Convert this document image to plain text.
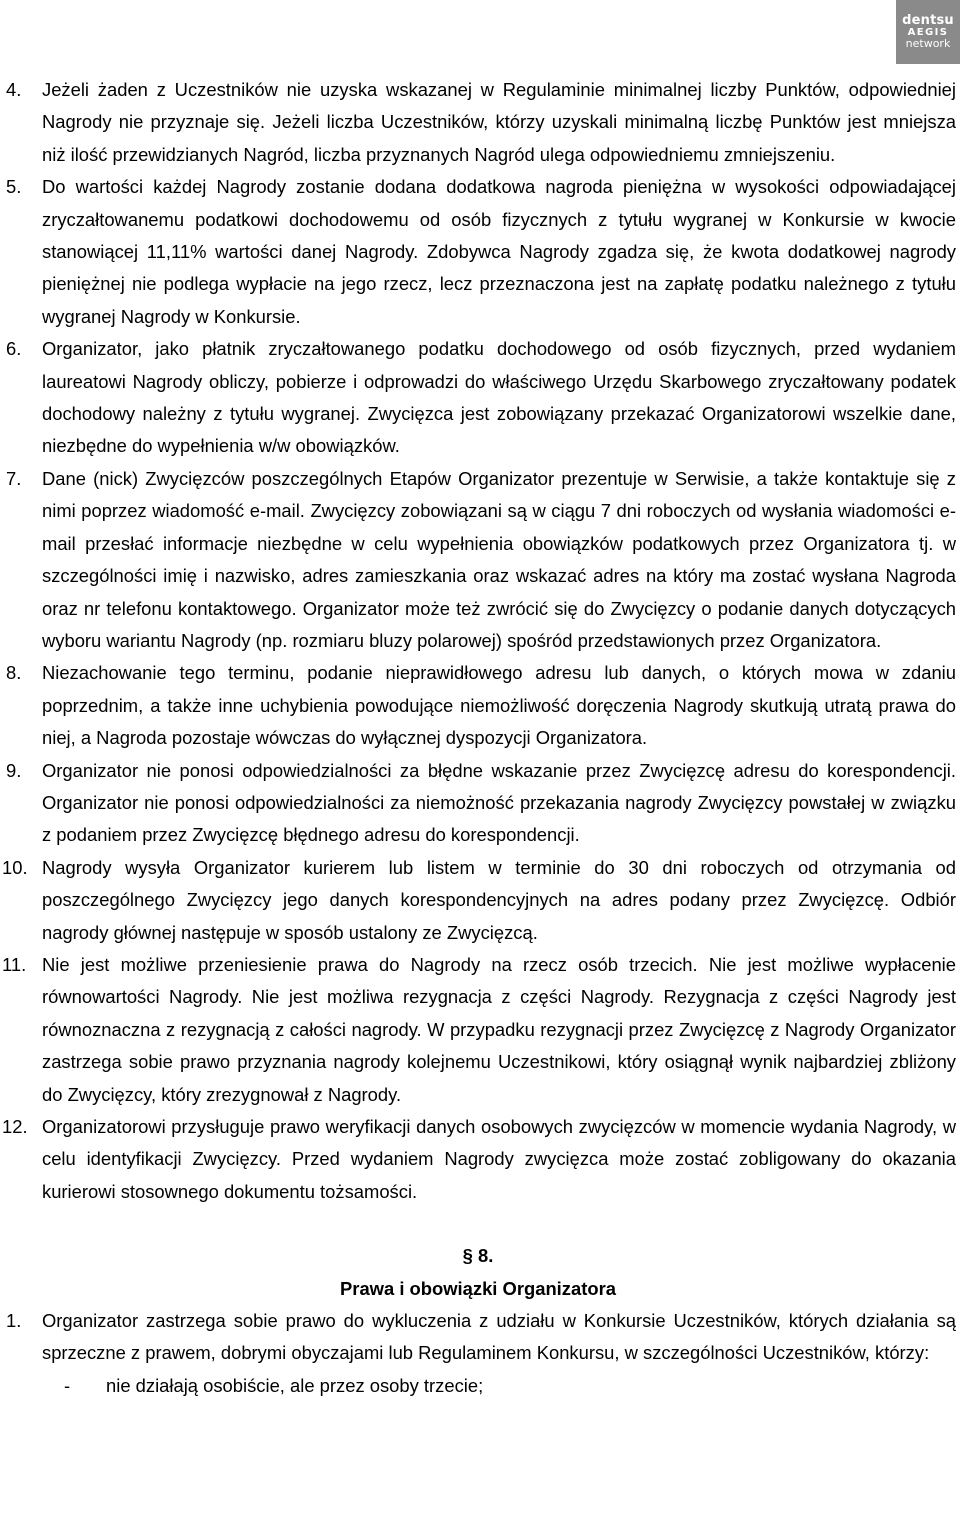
dentsu
AEGIS
network
4.	Jeżeli żaden z Uczestników nie uzyska wskazanej w Regulaminie minimalnej liczby Punktów, odpowiedniej Nagrody nie przyznaje się. Jeżeli liczba Uczestników, którzy uzyskali minimalną liczbę Punktów jest mniejsza niż ilość przewidzianych Nagród, liczba przyznanych Nagród ulega odpowiedniemu zmniejszeniu.
5.	Do wartości każdej Nagrody zostanie dodana dodatkowa nagroda pieniężna w wysokości odpowiadającej zryczałtowanemu podatkowi dochodowemu od osób fizycznych z tytułu wygranej w Konkursie w kwocie stanowiącej 11,11% wartości danej Nagrody. Zdobywca Nagrody zgadza się, że kwota dodatkowej nagrody pieniężnej nie podlega wypłacie na jego rzecz, lecz przeznaczona jest na zapłatę podatku należnego z tytułu wygranej Nagrody w Konkursie.
6.	Organizator, jako płatnik zryczałtowanego podatku dochodowego od osób fizycznych, przed wydaniem laureatowi Nagrody obliczy, pobierze i odprowadzi do właściwego Urzędu Skarbowego zryczałtowany podatek dochodowy należny z tytułu wygranej. Zwycięzca jest zobowiązany przekazać Organizatorowi wszelkie dane, niezbędne do wypełnienia w/w obowiązków.
7.	Dane (nick) Zwycięzców poszczególnych Etapów Organizator prezentuje w Serwisie, a także kontaktuje się z nimi poprzez wiadomość e-mail. Zwycięzcy zobowiązani są w ciągu 7 dni roboczych od wysłania wiadomości e-mail przesłać informacje niezbędne w celu wypełnienia obowiązków podatkowych przez Organizatora tj. w szczególności imię i nazwisko, adres zamieszkania oraz wskazać adres na który ma zostać wysłana Nagroda oraz nr telefonu kontaktowego. Organizator może też zwrócić się do Zwycięzcy o podanie danych dotyczących wyboru wariantu Nagrody (np. rozmiaru bluzy polarowej) spośród przedstawionych przez Organizatora.
8.	Niezachowanie tego terminu, podanie nieprawidłowego adresu lub danych, o których mowa w zdaniu poprzednim, a także inne uchybienia powodujące niemożliwość doręczenia Nagrody skutkują utratą prawa do niej, a Nagroda pozostaje wówczas do wyłącznej dyspozycji Organizatora.
9.	Organizator nie ponosi odpowiedzialności za błędne wskazanie przez Zwycięzcę adresu do korespondencji. Organizator nie ponosi odpowiedzialności za niemożność przekazania nagrody Zwycięzcy powstałej w związku z podaniem przez Zwycięzcę błędnego adresu do korespondencji.
10. Nagrody wysyła Organizator kurierem lub listem w terminie do 30 dni roboczych od otrzymania od poszczególnego Zwycięzcy jego danych korespondencyjnych na adres podany przez Zwycięzcę. Odbiór nagrody głównej następuje w sposób ustalony ze Zwycięzcą.
11. Nie jest możliwe przeniesienie prawa do Nagrody na rzecz osób trzecich. Nie jest możliwe wypłacenie równowartości Nagrody. Nie jest możliwa rezygnacja z części Nagrody. Rezygnacja z części Nagrody jest równoznaczna z rezygnacją z całości nagrody. W przypadku rezygnacji przez Zwycięzcę z Nagrody Organizator zastrzega sobie prawo przyznania nagrody kolejnemu Uczestnikowi, który osiągnął wynik najbardziej zbliżony do Zwycięzcy, który zrezygnował z Nagrody.
12. Organizatorowi przysługuje prawo weryfikacji danych osobowych zwycięzców w momencie wydania Nagrody, w celu identyfikacji Zwycięzcy. Przed wydaniem Nagrody zwycięzca może zostać zobligowany do okazania kurierowi stosownego dokumentu tożsamości.
§ 8.
Prawa i obowiązki Organizatora
1.	Organizator zastrzega sobie prawo do wykluczenia z udziału w Konkursie Uczestników, których działania są sprzeczne z prawem, dobrymi obyczajami lub Regulaminem Konkursu, w szczególności Uczestników, którzy:
-	nie działają osobiście, ale przez osoby trzecie;
